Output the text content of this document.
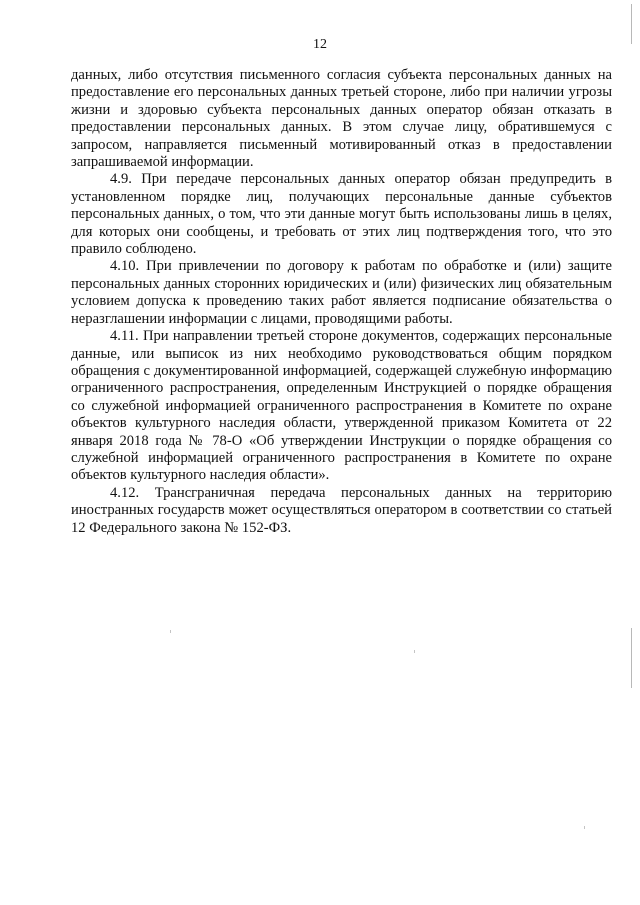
12

данных, либо отсутствия письменного согласия субъекта персональных данных на предоставление его персональных данных третьей стороне, либо при наличии угрозы жизни и здоровью субъекта персональных данных оператор обязан отказать в предоставлении персональных данных. В этом случае лицу, обратившемуся с запросом, направляется письменный мотивированный отказ в предоставлении запрашиваемой информации.

4.9. При передаче персональных данных оператор обязан предупредить в установленном порядке лиц, получающих персональные данные субъектов персональных данных, о том, что эти данные могут быть использованы лишь в целях, для которых они сообщены, и требовать от этих лиц подтверждения того, что это правило соблюдено.

4.10. При привлечении по договору к работам по обработке и (или) защите персональных данных сторонних юридических и (или) физических лиц обязательным условием допуска к проведению таких работ является подписание обязательства о неразглашении информации с лицами, проводящими работы.

4.11. При направлении третьей стороне документов, содержащих персональные данные, или выписок из них необходимо руководствоваться общим порядком обращения с документированной информацией, содержащей служебную информацию ограниченного распространения, определенным Инструкцией о порядке обращения со служебной информацией ограниченного распространения в Комитете по охране объектов культурного наследия области, утвержденной приказом Комитета от 22 января 2018 года № 78-О «Об утверждении Инструкции о порядке обращения со служебной информацией ограниченного распространения в Комитете по охране объектов культурного наследия области».

4.12. Трансграничная передача персональных данных на территорию иностранных государств может осуществляться оператором в соответствии со статьей 12 Федерального закона № 152-ФЗ.
